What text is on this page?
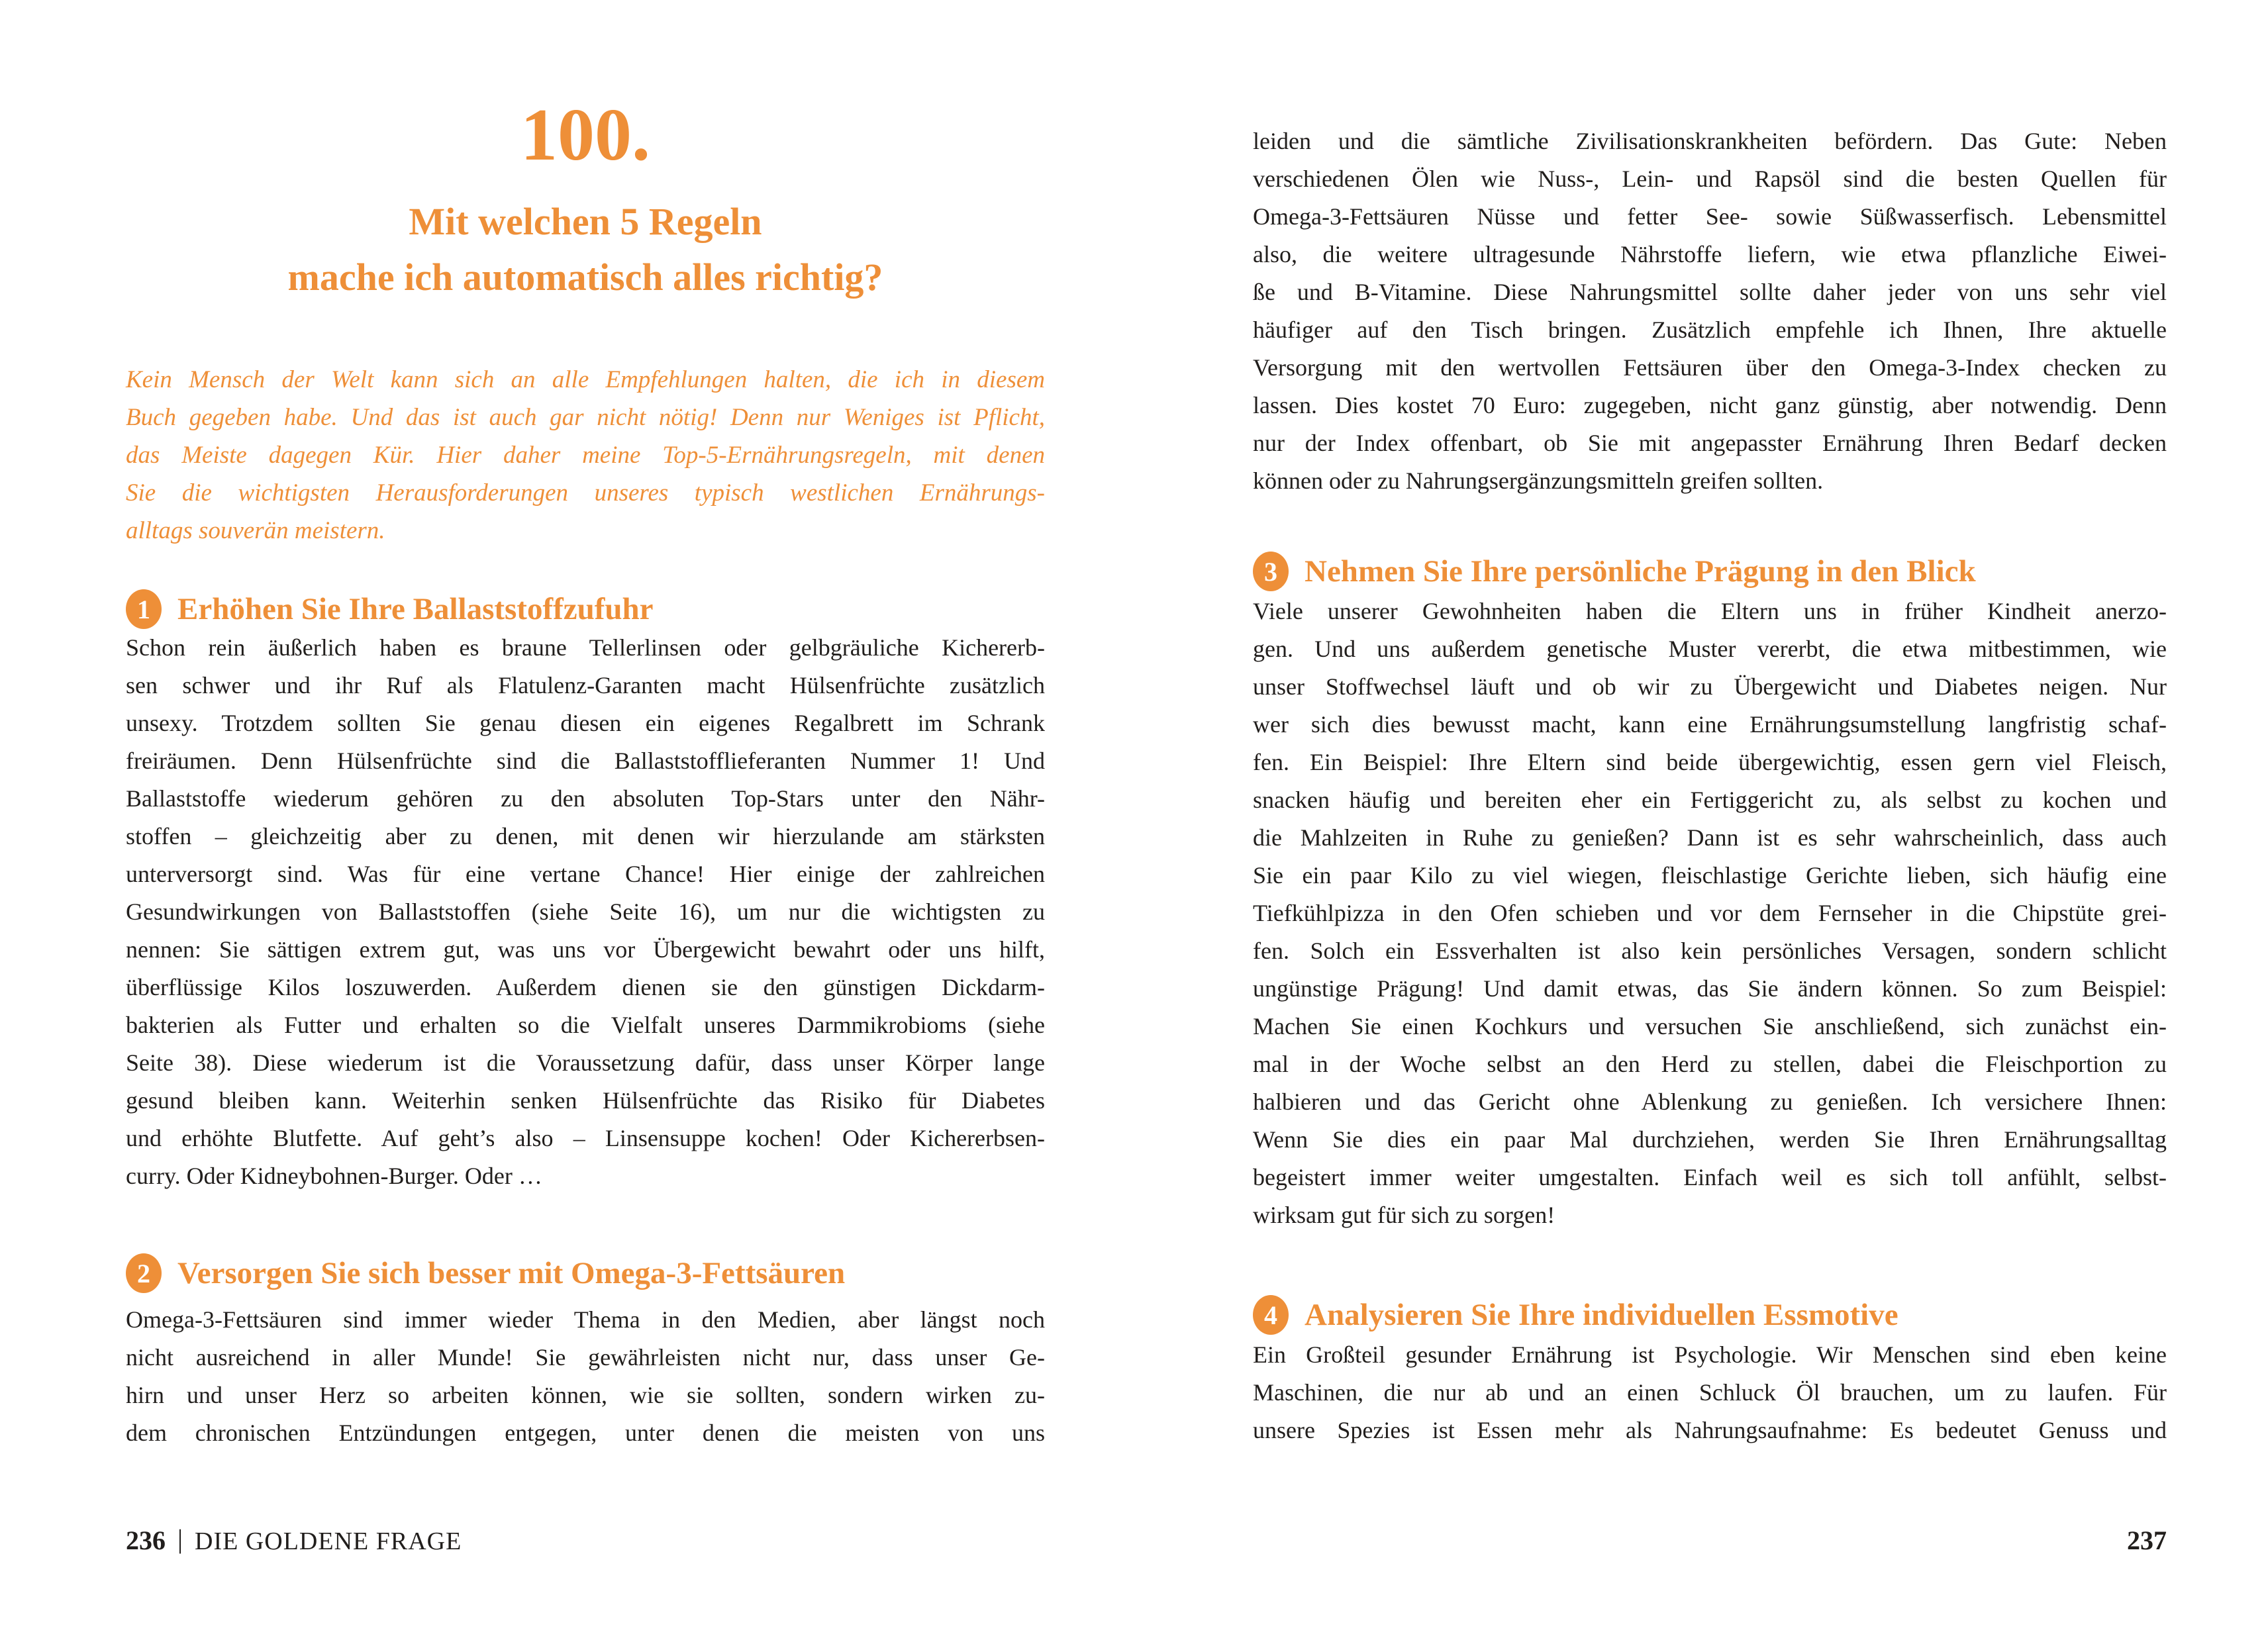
100.
Mit welchen 5 Regeln
mache ich automatisch alles richtig?
Kein Mensch der Welt kann sich an alle Empfehlungen halten, die ich in diesem
Buch gegeben habe. Und das ist auch gar nicht nötig! Denn nur Weniges ist Pflicht,
das Meiste dagegen Kür. Hier daher meine Top-5-Ernährungsregeln, mit denen
Sie die wichtigsten Herausforderungen unseres typisch westlichen Ernährungs-
alltags souverän meistern.
1 Erhöhen Sie Ihre Ballaststoffzufuhr
Schon rein äußerlich haben es braune Tellerlinsen oder gelbgräuliche Kichererb-
sen schwer und ihr Ruf als Flatulenz-Garanten macht Hülsenfrüchte zusätzlich
unsexy. Trotzdem sollten Sie genau diesen ein eigenes Regalbrett im Schrank
freiräumen. Denn Hülsenfrüchte sind die Ballaststofflieferanten Nummer 1! Und
Ballaststoffe wiederum gehören zu den absoluten Top-Stars unter den Nähr-
stoffen – gleichzeitig aber zu denen, mit denen wir hierzulande am stärksten
unterversorgt sind. Was für eine vertane Chance! Hier einige der zahlreichen
Gesundwirkungen von Ballaststoffen (siehe Seite 16), um nur die wichtigsten zu
nennen: Sie sättigen extrem gut, was uns vor Übergewicht bewahrt oder uns hilft,
überflüssige Kilos loszuwerden. Außerdem dienen sie den günstigen Dickdarm-
bakterien als Futter und erhalten so die Vielfalt unseres Darmmikrobioms (siehe
Seite 38). Diese wiederum ist die Voraussetzung dafür, dass unser Körper lange
gesund bleiben kann. Weiterhin senken Hülsenfrüchte das Risiko für Diabetes
und erhöhte Blutfette. Auf geht’s also – Linsensuppe kochen! Oder Kichererbsen-
curry. Oder Kidneybohnen-Burger. Oder …
2 Versorgen Sie sich besser mit Omega-3-Fettsäuren
Omega-3-Fettsäuren sind immer wieder Thema in den Medien, aber längst noch
nicht ausreichend in aller Munde! Sie gewährleisten nicht nur, dass unser Ge-
hirn und unser Herz so arbeiten können, wie sie sollten, sondern wirken zu-
dem chronischen Entzündungen entgegen, unter denen die meisten von uns
236 | DIE GOLDENE FRAGE
leiden und die sämtliche Zivilisationskrankheiten befördern. Das Gute: Neben
verschiedenen Ölen wie Nuss-, Lein- und Rapsöl sind die besten Quellen für
Omega-3-Fettsäuren Nüsse und fetter See- sowie Süßwasserfisch. Lebensmittel
also, die weitere ultragesunde Nährstoffe liefern, wie etwa pflanzliche Eiwei-
ße und B-Vitamine. Diese Nahrungsmittel sollte daher jeder von uns sehr viel
häufiger auf den Tisch bringen. Zusätzlich empfehle ich Ihnen, Ihre aktuelle
Versorgung mit den wertvollen Fettsäuren über den Omega-3-Index checken zu
lassen. Dies kostet 70 Euro: zugegeben, nicht ganz günstig, aber notwendig. Denn
nur der Index offenbart, ob Sie mit angepasster Ernährung Ihren Bedarf decken
können oder zu Nahrungsergänzungsmitteln greifen sollten.
3 Nehmen Sie Ihre persönliche Prägung in den Blick
Viele unserer Gewohnheiten haben die Eltern uns in früher Kindheit anerzo-
gen. Und uns außerdem genetische Muster vererbt, die etwa mitbestimmen, wie
unser Stoffwechsel läuft und ob wir zu Übergewicht und Diabetes neigen. Nur
wer sich dies bewusst macht, kann eine Ernährungsumstellung langfristig schaf-
fen. Ein Beispiel: Ihre Eltern sind beide übergewichtig, essen gern viel Fleisch,
snacken häufig und bereiten eher ein Fertiggericht zu, als selbst zu kochen und
die Mahlzeiten in Ruhe zu genießen? Dann ist es sehr wahrscheinlich, dass auch
Sie ein paar Kilo zu viel wiegen, fleischlastige Gerichte lieben, sich häufig eine
Tiefkühlpizza in den Ofen schieben und vor dem Fernseher in die Chipstüte grei-
fen. Solch ein Essverhalten ist also kein persönliches Versagen, sondern schlicht
ungünstige Prägung! Und damit etwas, das Sie ändern können. So zum Beispiel:
Machen Sie einen Kochkurs und versuchen Sie anschließend, sich zunächst ein-
mal in der Woche selbst an den Herd zu stellen, dabei die Fleischportion zu
halbieren und das Gericht ohne Ablenkung zu genießen. Ich versichere Ihnen:
Wenn Sie dies ein paar Mal durchziehen, werden Sie Ihren Ernährungsalltag
begeistert immer weiter umgestalten. Einfach weil es sich toll anfühlt, selbst-
wirksam gut für sich zu sorgen!
4 Analysieren Sie Ihre individuellen Essmotive
Ein Großteil gesunder Ernährung ist Psychologie. Wir Menschen sind eben keine
Maschinen, die nur ab und an einen Schluck Öl brauchen, um zu laufen. Für
unsere Spezies ist Essen mehr als Nahrungsaufnahme: Es bedeutet Genuss und
237
